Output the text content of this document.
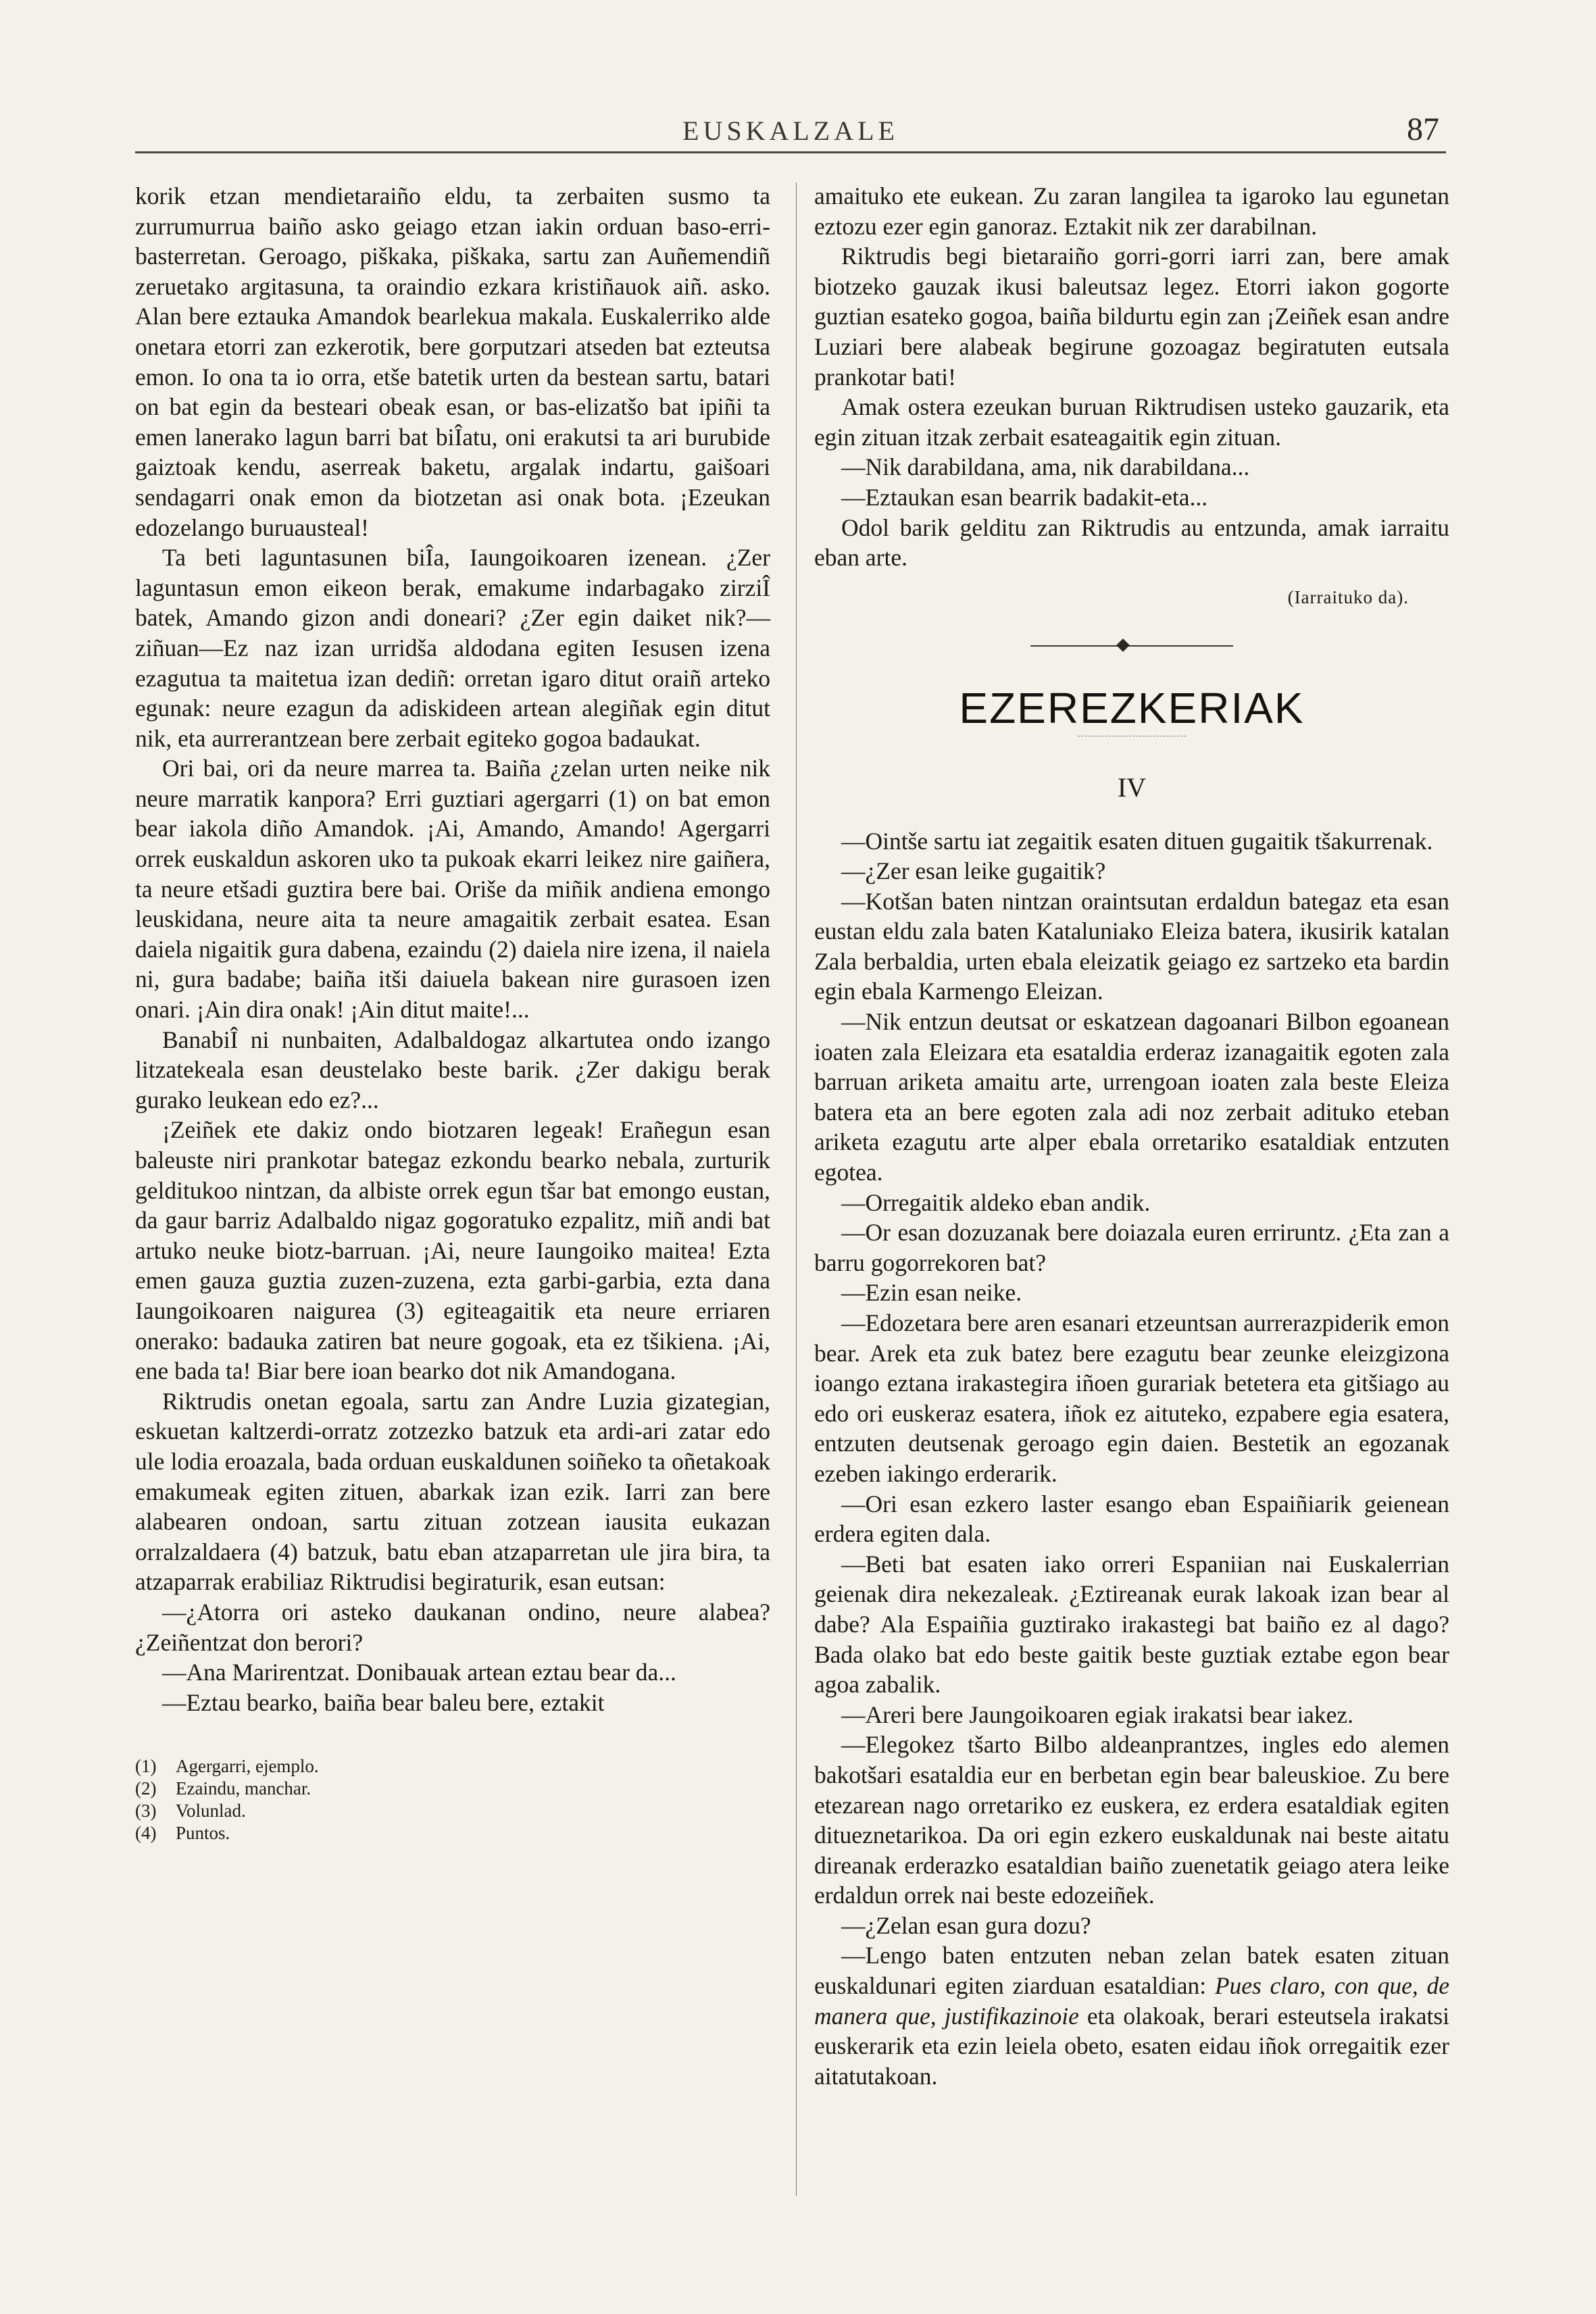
EUSKALZALE	87

korik etzan mendietaraiño eldu, ta zerbaiten susmo ta zurrumurrua baiño asko geiago etzan iakin orduan baso-erri-basterretan. Geroago, piškaka, piškaka, sartu zan Auñemendiñ zeruetako argitasuna, ta oraindio ezkara kristiñauok aiñ. asko. Alan bere eztauka Amandok bearlekua makala. Euskalerriko alde onetara etorri zan ezkerotik, bere gorputzari atseden bat ezteutsa emon. Io ona ta io orra, etše batetik urten da bestean sartu, batari on bat egin da besteari obeak esan, or bas-elizatšo bat ipiñi ta emen lanerako lagun barri bat biÎatu, oni erakutsi ta ari burubide gaiztoak kendu, aserreak baketu, argalak indartu, gaišoari sendagarri onak emon da biotzetan asi onak bota. ¡Ezeukan edozelango buruausteal!

Ta beti laguntasunen biÎa, Iaungoikoaren izenean. ¿Zer laguntasun emon eikeon berak, emakume indarbagako zirziÎ batek, Amando gizon andi doneari? ¿Zer egin daiket nik?—ziñuan—Ez naz izan urridša aldodana egiten Iesusen izena ezagutua ta maitetua izan dediñ: orretan igaro ditut oraiñ arteko egunak: neure ezagun da adiskideen artean alegiñak egin ditut nik, eta aurrerantzean bere zerbait egiteko gogoa badaukat.

Ori bai, ori da neure marrea ta. Baiña ¿zelan urten neike nik neure marratik kanpora? Erri guztiari agergarri (1) on bat emon bear iakola diño Amandok. ¡Ai, Amando, Amando! Agergarri orrek euskaldun askoren uko ta pukoak ekarri leikez nire gaiñera, ta neure etšadi guztira bere bai. Oriše da miñik andiena emongo leuskidana, neure aita ta neure amagaitik zerbait esatea. Esan daiela nigaitik gura dabena, ezaindu (2) daiela nire izena, il naiela ni, gura badabe; baiña itši daiuela bakean nire gurasoen izen onari. ¡Ain dira onak! ¡Ain ditut maite!...

BanabiÎ ni nunbaiten, Adalbaldogaz alkartutea ondo izango litzatekeala esan deustelako beste barik. ¿Zer dakigu berak gurako leukean edo ez?...

¡Zeiñek ete dakiz ondo biotzaren legeak! Erañegun esan baleuste niri prankotar bategaz ezkondu bearko nebala, zurturik gelditukoo nintzan, da albiste orrek egun tšar bat emongo eustan, da gaur barriz Adalbaldo nigaz gogoratuko ezpalitz, miñ andi bat artuko neuke biotz-barruan. ¡Ai, neure Iaungoiko maitea! Ezta emen gauza guztia zuzen-zuzena, ezta garbi-garbia, ezta dana Iaungoikoaren naigurea (3) egiteagaitik eta neure erriaren onerako: badauka zatiren bat neure gogoak, eta ez tšikiena. ¡Ai, ene bada ta! Biar bere ioan bearko dot nik Amandogana.

Riktrudis onetan egoala, sartu zan Andre Luzia gizategian, eskuetan kaltzerdi-orratz zotzezko batzuk eta ardi-ari zatar edo ule lodia eroazala, bada orduan euskaldunen soiñeko ta oñetakoak emakumeak egiten zituen, abarkak izan ezik. Iarri zan bere alabearen ondoan, sartu zituan zotzean iausita eukazan orralzaldaera (4) batzuk, batu eban atzaparretan ule jira bira, ta atzaparrak erabiliaz Riktrudisi begiraturik, esan eutsan:

—¿Atorra ori asteko daukanan ondino, neure alabea? ¿Zeiñentzat don berori?

—Ana Marirentzat. Donibauak artean eztau bear da...

—Eztau bearko, baiña bear baleu bere, eztakit

(1)	Agergarri, ejemplo.
(2)	Ezaindu, manchar.
(3)	Volunlad.
(4)	Puntos.

amaituko ete eukean. Zu zaran langilea ta igaroko lau egunetan eztozu ezer egin ganoraz. Eztakit nik zer darabilnan.

Riktrudis begi bietaraiño gorri-gorri iarri zan, bere amak biotzeko gauzak ikusi baleutsaz legez. Etorri iakon gogorte guztian esateko gogoa, baiña bildurtu egin zan ¡Zeiñek esan andre Luziari bere alabeak begirune gozoagaz begiratuten eutsala prankotar bati!

Amak ostera ezeukan buruan Riktrudisen usteko gauzarik, eta egin zituan itzak zerbait esateagaitik egin zituan.

—Nik darabildana, ama, nik darabildana...

—Eztaukan esan bearrik badakit-eta...

Odol barik gelditu zan Riktrudis au entzunda, amak iarraitu eban arte.

(Iarraituko da).
EZEREZKERIAK
IV

—Ointše sartu iat zegaitik esaten dituen gugaitik tšakurrenak.

—¿Zer esan leike gugaitik?

—Kotšan baten nintzan oraintsutan erdaldun bategaz eta esan eustan eldu zala baten Kataluniako Eleiza batera, ikusirik katalan Zala berbaldia, urten ebala eleizatik geiago ez sartzeko eta bardin egin ebala Karmengo Eleizan.

—Nik entzun deutsat or eskatzean dagoanari Bilbon egoanean ioaten zala Eleizara eta esataldia erderaz izanagaitik egoten zala barruan ariketa amaitu arte, urrengoan ioaten zala beste Eleiza batera eta an bere egoten zala adi noz zerbait adituko eteban ariketa ezagutu arte alper ebala orretariko esataldiak entzuten egotea.

—Orregaitik aldeko eban andik.

—Or esan dozuzanak bere doiazala euren erriruntz. ¿Eta zan a barru gogorrekoren bat?

—Ezin esan neike.

—Edozetara bere aren esanari etzeuntsan aurrerazpiderik emon bear. Arek eta zuk batez bere ezagutu bear zeunke eleizgizona ioango eztana irakastegira iñoen gurariak betetera eta gitšiago au edo ori euskeraz esatera, iñok ez aituteko, ezpabere egia esatera, entzuten deutsenak geroago egin daien. Bestetik an egozanak ezeben iakingo erderarik.

—Ori esan ezkero laster esango eban Espaiñiarik geienean erdera egiten dala.

—Beti bat esaten iako orreri Espaniian nai Euskalerrian geienak dira nekezalеak. ¿Eztireanak eurak lakoak izan bear al dabe? Ala Espaiñia guztirako irakastegi bat baiño ez al dago? Bada olako bat edo beste gaitik beste guztiak eztabe egon bear agoa zabalik.

—Areri bere Jaungoikoaren egiak irakatsi bear iakez.

—Elegokez tšarto Bilbo aldeanprantzes, ingles edo alemen bakotšari esataldia eur en berbetan egin bear baleuskioe. Zu bere etezarean nago orretariko ez euskera, ez erdera esataldiak egiten ditueznetarikoa. Da ori egin ezkero euskaldunak nai beste aitatu direanak erderazko esataldian baiño zuenetatik geiago atera leike erdaldun orrek nai beste edozeiñek.

—¿Zelan esan gura dozu?

—Lengo baten entzuten neban zelan batek esaten zituan euskaldunari egiten ziarduan esataldian: Pues claro, con que, de manera que, justifikazinoie eta olakoak, berari esteutsela irakatsi euskerarik eta ezin leiela obeto, esaten eidau iñok orregaitik ezer aitatutakoan.
